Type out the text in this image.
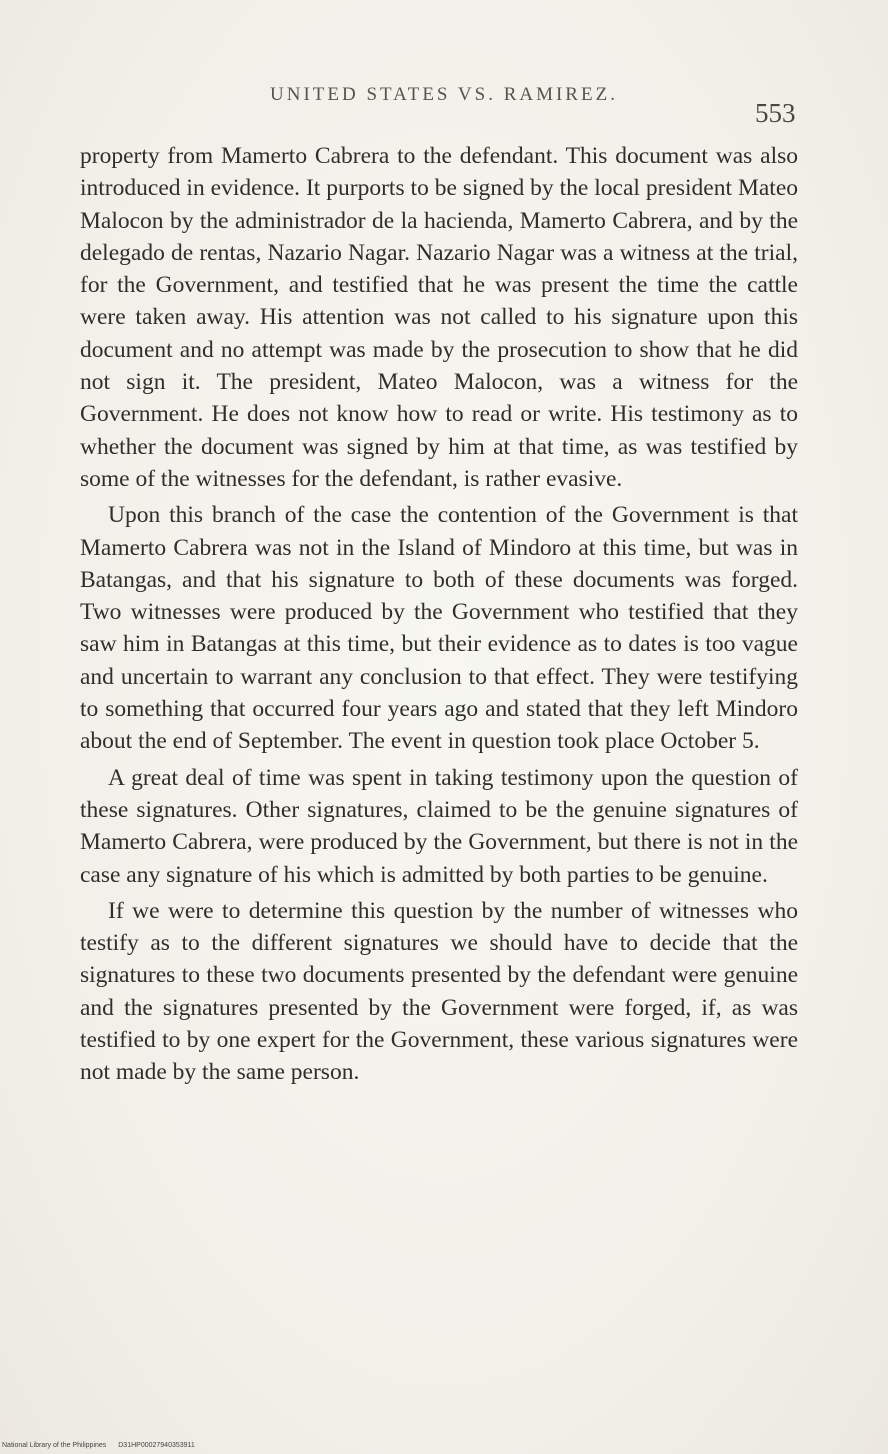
UNITED STATES VS. RAMIREZ.
553

property from Mamerto Cabrera to the defendant. This document was also introduced in evidence. It purports to be signed by the local president Mateo Malocon by the administrador de la hacienda, Mamerto Cabrera, and by the delegado de rentas, Nazario Nagar. Nazario Nagar was a witness at the trial, for the Government, and testified that he was present the time the cattle were taken away. His attention was not called to his signature upon this document and no attempt was made by the prosecution to show that he did not sign it. The president, Mateo Malocon, was a witness for the Government. He does not know how to read or write. His testimony as to whether the document was signed by him at that time, as was testified by some of the witnesses for the defendant, is rather evasive.

Upon this branch of the case the contention of the Government is that Mamerto Cabrera was not in the Island of Mindoro at this time, but was in Batangas, and that his signature to both of these documents was forged. Two witnesses were produced by the Government who testified that they saw him in Batangas at this time, but their evidence as to dates is too vague and uncertain to warrant any conclusion to that effect. They were testifying to something that occurred four years ago and stated that they left Mindoro about the end of September. The event in question took place October 5.

A great deal of time was spent in taking testimony upon the question of these signatures. Other signatures, claimed to be the genuine signatures of Mamerto Cabrera, were produced by the Government, but there is not in the case any signature of his which is admitted by both parties to be genuine.

If we were to determine this question by the number of witnesses who testify as to the different signatures we should have to decide that the signatures to these two documents presented by the defendant were genuine and the signatures presented by the Government were forged, if, as was testified to by one expert for the Government, these various signatures were not made by the same person.

National Library of the Philippines D31HP00027940353911
